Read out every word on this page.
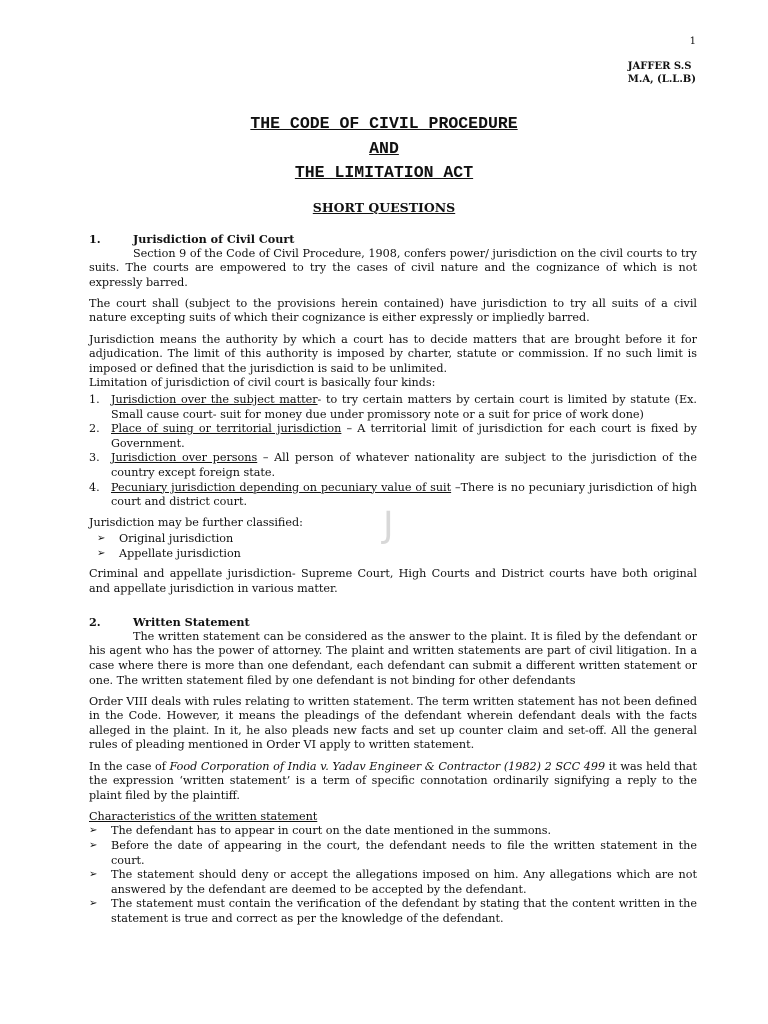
1
JAFFER S.S
M.A, (L.L.B)
THE CODE OF CIVIL PROCEDURE
AND
THE LIMITATION ACT
SHORT QUESTIONS
J
1.	Jurisdiction of Civil Court

Section 9 of the Code of Civil Procedure, 1908, confers power/ jurisdiction on the civil courts to try suits. The courts are empowered to try the cases of civil nature and the cognizance of which is not expressly barred.

The court shall (subject to the provisions herein contained) have jurisdiction to try all suits of a civil nature excepting suits of which their cognizance is either expressly or impliedly barred.

Jurisdiction means the authority by which a court has to decide matters that are brought before it for adjudication. The limit of this authority is imposed by charter, statute or commission. If no such limit is imposed or defined that the jurisdiction is said to be unlimited.

Limitation of jurisdiction of civil court is basically four kinds:

1. Jurisdiction over the subject matter- to try certain matters by certain court is limited by statute (Ex. Small cause court- suit for money due under promissory note or a suit for price of work done)
2. Place of suing or territorial jurisdiction – A territorial limit of jurisdiction for each court is fixed by Government.
3. Jurisdiction over persons – All person of whatever nationality are subject to the jurisdiction of the country except foreign state.
4. Pecuniary jurisdiction depending on pecuniary value of suit –There is no pecuniary jurisdiction of high court and district court.

Jurisdiction may be further classified:

➢ Original jurisdiction
➢ Appellate jurisdiction

Criminal and appellate jurisdiction- Supreme Court, High Courts and District courts have both original and appellate jurisdiction in various matter.

2.	Written Statement

The written statement can be considered as the answer to the plaint. It is filed by the defendant or his agent who has the power of attorney. The plaint and written statements are part of civil litigation. In a case where there is more than one defendant, each defendant can submit a different written statement or one. The written statement filed by one defendant is not binding for other defendants

Order VIII deals with rules relating to written statement. The term written statement has not been defined in the Code. However, it means the pleadings of the defendant wherein defendant deals with the facts alleged in the plaint. In it, he also pleads new facts and set up counter claim and set-off. All the general rules of pleading mentioned in Order VI apply to written statement.

In the case of Food Corporation of India v. Yadav Engineer & Contractor (1982) 2 SCC 499 it was held that the expression ‘written statement’ is a term of specific connotation ordinarily signifying a reply to the plaint filed by the plaintiff.

Characteristics of the written statement
➢ The defendant has to appear in court on the date mentioned in the summons.
➢ Before the date of appearing in the court, the defendant needs to file the written statement in the court.
➢ The statement should deny or accept the allegations imposed on him. Any allegations which are not answered by the defendant are deemed to be accepted by the defendant.
➢ The statement must contain the verification of the defendant by stating that the content written in the statement is true and correct as per the knowledge of the defendant.
